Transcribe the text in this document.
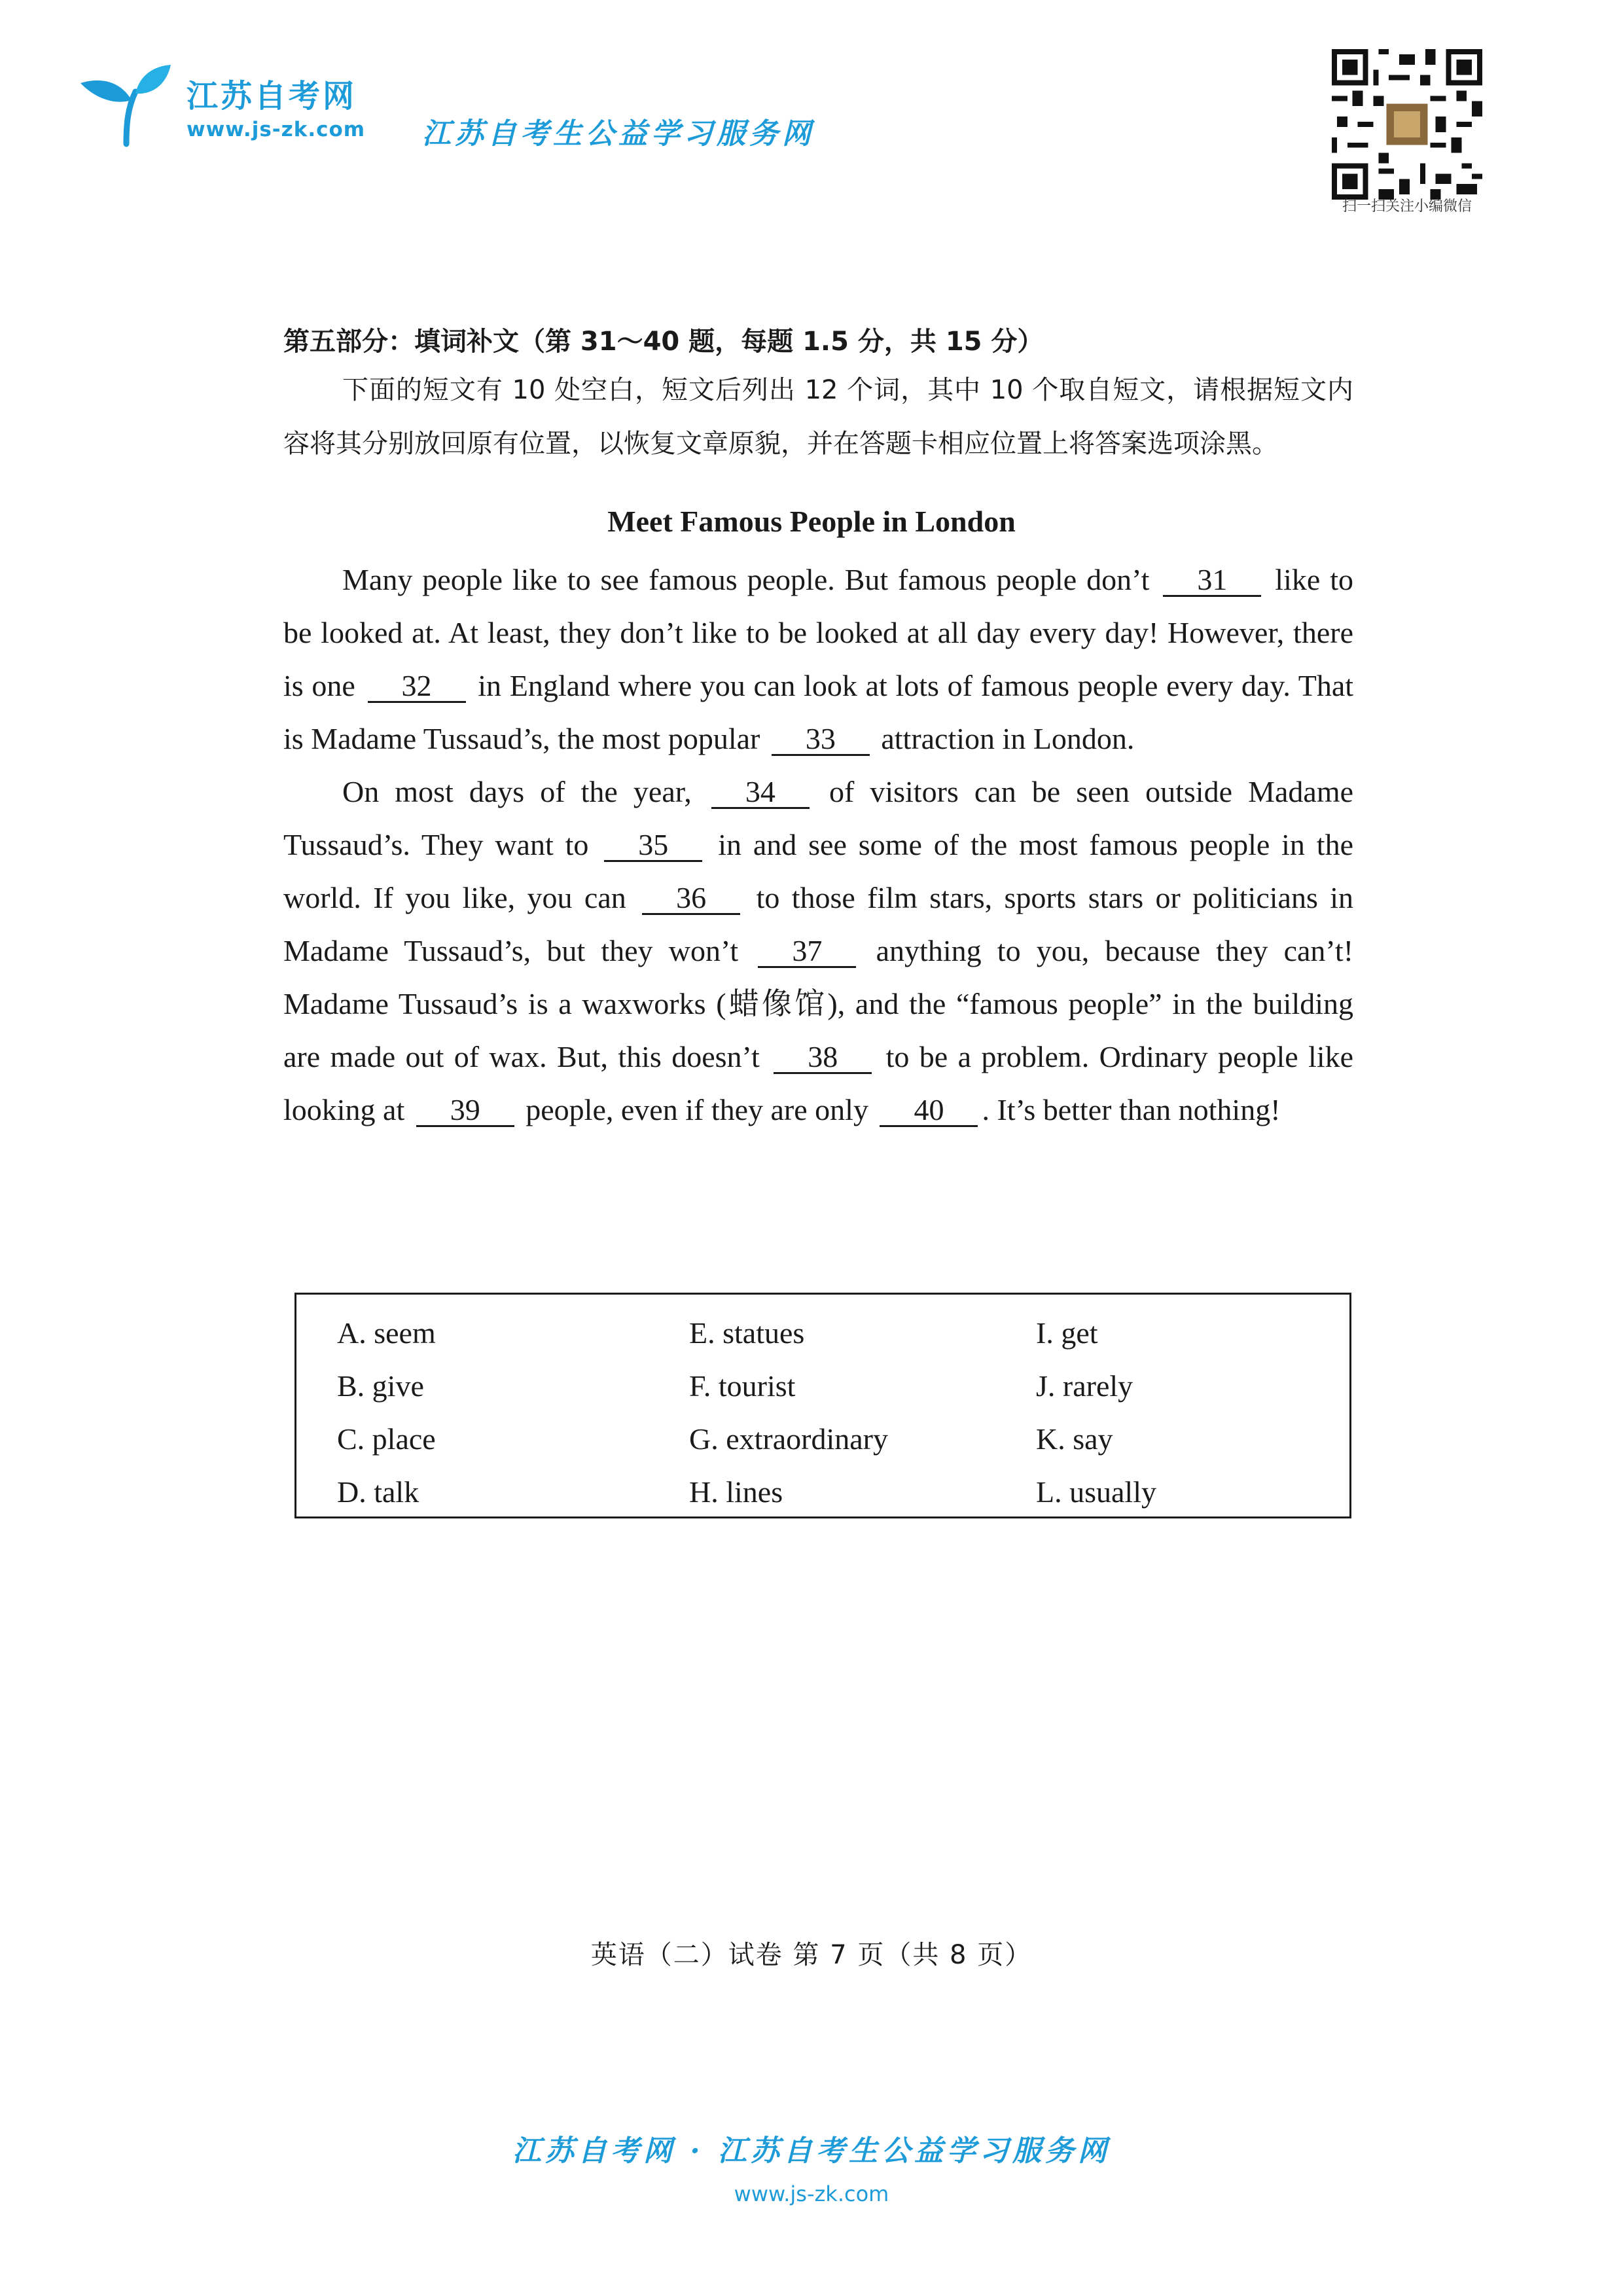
江苏自考网
www.js-zk.com 江苏自考生公益学习服务网
扫一扫关注小编微信
第五部分：填词补文（第 31～40 题，每题 1.5 分，共 15 分）
下面的短文有 10 处空白，短文后列出 12 个词，其中 10 个取自短文，请根据短文内容将其分别放回原有位置，以恢复文章原貌，并在答题卡相应位置上将答案选项涂黑。
Meet Famous People in London

Many people like to see famous people. But famous people don’t 31 like to be looked at. At least, they don’t like to be looked at all day every day! However, there is one 32 in England where you can look at lots of famous people every day. That is Madame Tussaud’s, the most popular 33 attraction in London.

On most days of the year, 34 of visitors can be seen outside Madame Tussaud’s. They want to 35 in and see some of the most famous people in the world. If you like, you can 36 to those film stars, sports stars or politicians in Madame Tussaud’s, but they won’t 37 anything to you, because they can’t! Madame Tussaud’s is a waxworks (蜡像馆), and the “famous people” in the building are made out of wax. But, this doesn’t 38 to be a problem. Ordinary people like looking at 39 people, even if they are only 40 . It’s better than nothing!

A. seem
B. give
C. place
D. talk
E. statues
F. tourist
G. extraordinary
H. lines
I. get
J. rarely
K. say
L. usually
英语（二）试卷 第 7 页（共 8 页）
江苏自考网 · 江苏自考生公益学习服务网
www.js-zk.com
